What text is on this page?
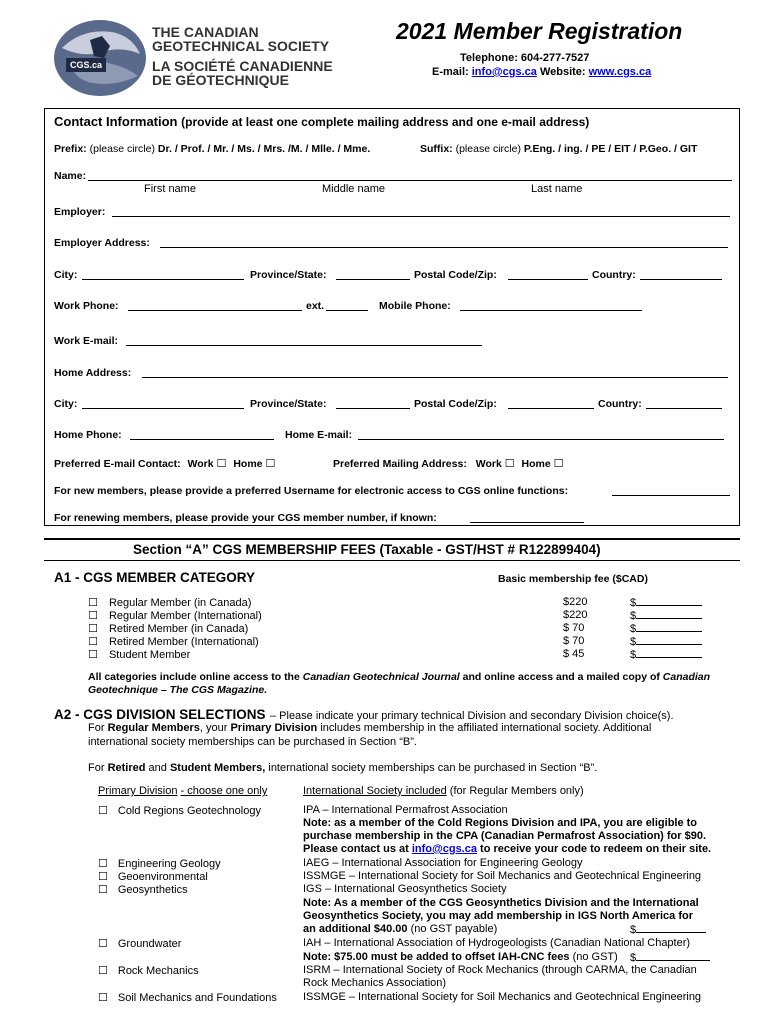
CGS.ca
THE CANADIAN
GEOTECHNICAL SOCIETY
LA SOCIÉTÉ CANADIENNE
DE GÉOTECHNIQUE
2021 Member Registration
Telephone: 604-277-7527
E-mail: info@cgs.ca Website: www.cgs.ca
Contact Information (provide at least one complete mailing address and one e-mail address)
Prefix: (please circle) Dr. / Prof. / Mr. / Ms. / Mrs. /M. / Mlle. / Mme.	Suffix: (please circle) P.Eng. / ing. / PE / EIT / P.Geo. / GIT
Name:
First name	Middle name	Last name
Employer:
Employer Address:
City:	Province/State:	Postal Code/Zip:	Country:
Work Phone:	ext.	Mobile Phone:
Work E-mail:
Home Address:
City:	Province/State:	Postal Code/Zip:	Country:
Home Phone:	Home E-mail:
Preferred E-mail Contact: Work ☐ Home ☐	Preferred Mailing Address: Work ☐ Home ☐
For new members, please provide a preferred Username for electronic access to CGS online functions:
For renewing members, please provide your CGS member number, if known:
Section “A” CGS MEMBERSHIP FEES (Taxable - GST/HST # R122899404)
A1 - CGS MEMBER CATEGORY	Basic membership fee ($CAD)
☐ Regular Member (in Canada)	$220	$
☐ Regular Member (International)	$220	$
☐ Retired Member (in Canada)	$ 70	$
☐ Retired Member (International)	$ 70	$
☐ Student Member	$ 45	$
All categories include online access to the Canadian Geotechnical Journal and online access and a mailed copy of Canadian
Geotechnique – The CGS Magazine.
A2 - CGS DIVISION SELECTIONS – Please indicate your primary technical Division and secondary Division choice(s).
For Regular Members, your Primary Division includes membership in the affiliated international society. Additional
international society memberships can be purchased in Section “B”.
For Retired and Student Members, international society memberships can be purchased in Section “B”.
Primary Division - choose one only	International Society included (for Regular Members only)
☐ Cold Regions Geotechnology	IPA – International Permafrost Association
Note: as a member of the Cold Regions Division and IPA, you are eligible to
purchase membership in the CPA (Canadian Permafrost Association) for $90.
Please contact us at info@cgs.ca to receive your code to redeem on their site.
☐ Engineering Geology	IAEG – International Association for Engineering Geology
☐ Geoenvironmental	ISSMGE – International Society for Soil Mechanics and Geotechnical Engineering
☐ Geosynthetics	IGS – International Geosynthetics Society
Note: As a member of the CGS Geosynthetics Division and the International
Geosynthetics Society, you may add membership in IGS North America for
an additional $40.00 (no GST payable)	$
☐ Groundwater	IAH – International Association of Hydrogeologists (Canadian National Chapter)
Note: $75.00 must be added to offset IAH-CNC fees (no GST) $
☐ Rock Mechanics	ISRM – International Society of Rock Mechanics (through CARMA, the Canadian
Rock Mechanics Association)
☐ Soil Mechanics and Foundations ISSMGE – International Society for Soil Mechanics and Geotechnical Engineering
